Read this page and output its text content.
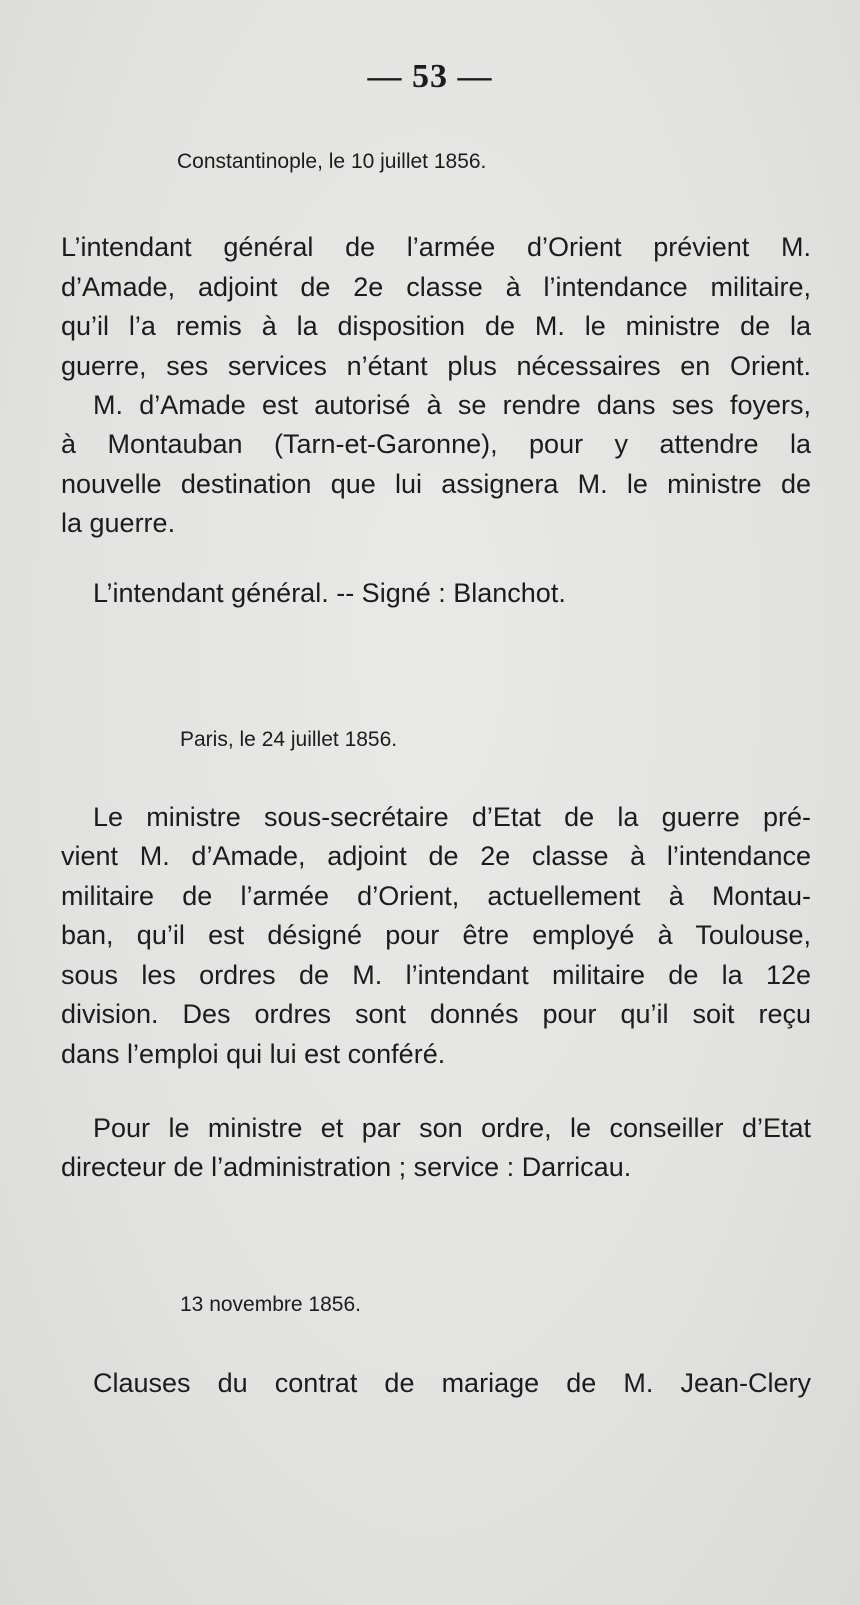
— 53 —
Constantinople, le 10 juillet 1856.
L’intendant général de l’armée d’Orient prévient M.
d’Amade, adjoint de 2e classe à l’intendance militaire,
qu’il l’a remis à la disposition de M. le ministre de la
guerre, ses services n’étant plus nécessaires en Orient.
M. d’Amade est autorisé à se rendre dans ses foyers,
à Montauban (Tarn-et-Garonne), pour y attendre la
nouvelle destination que lui assignera M. le ministre de
la guerre.
L’intendant général. -- Signé : Blanchot.
Paris, le 24 juillet 1856.
Le ministre sous-secrétaire d’Etat de la guerre pré-
vient M. d’Amade, adjoint de 2e classe à l’intendance
militaire de l’armée d’Orient, actuellement à Montau-
ban, qu’il est désigné pour être employé à Toulouse,
sous les ordres de M. l’intendant militaire de la 12e
division. Des ordres sont donnés pour qu’il soit reçu
dans l’emploi qui lui est conféré.
Pour le ministre et par son ordre, le conseiller d’Etat
directeur de l’administration ; service : Darricau.
13 novembre 1856.
Clauses du contrat de mariage de M. Jean-Clery
